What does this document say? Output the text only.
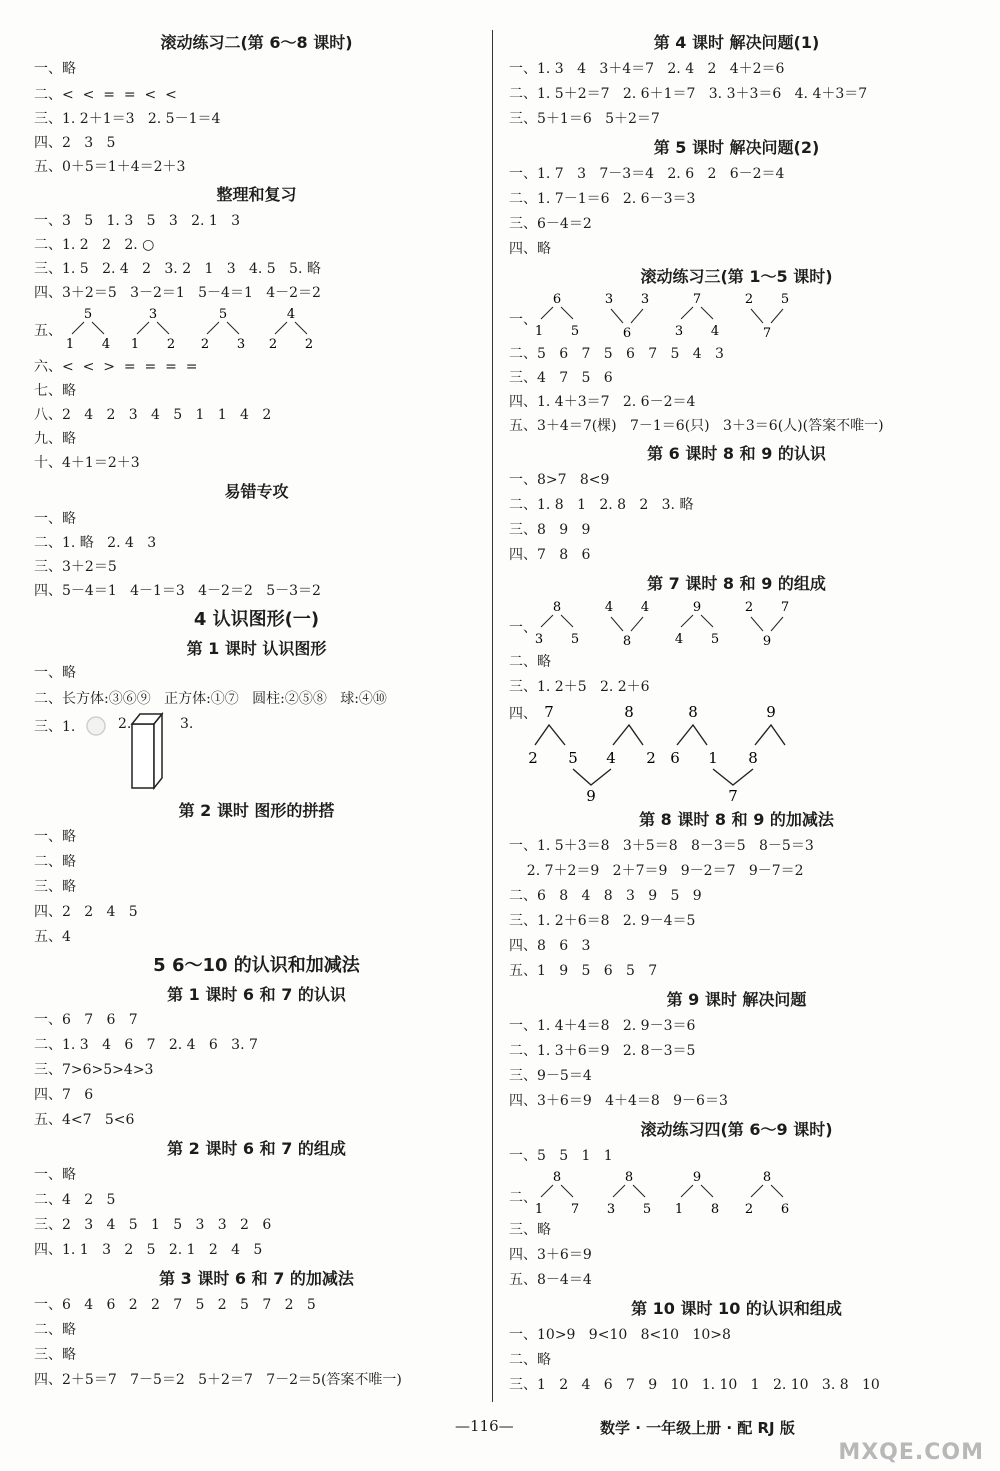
滚动练习二(第 6～8 课时)

一、略

二、<  <  =  =  <  <

三、1. 2＋1＝3   2. 5－1＝4

四、2   3   5

五、0＋5＝1＋4＝2＋3

整理和复习

一、3   5   1. 3   5   3   2. 1   3

二、1. 2   2   2. ○

三、1. 5   2. 4   2   3. 2   1   3   4. 5   5. 略

四、3＋2＝5   3－2＝1   5－4＝1   4－2＝2

五、
5
1 4
3
1 2
5
2 3
4
2 2

六、<  <  >  =  =  =  =

七、略

八、2   4   2   3   4   5   1   1   4   2

九、略

十、4＋1＝2＋3

易错专攻

一、略

二、1. 略   2. 4   3

三、3＋2＝5

四、5－4＝1   4－1＝3   4－2＝2   5－3＝2

4 认识图形(一)

第 1 课时 认识图形

一、略

二、长方体:③⑥⑨   正方体:①⑦   圆柱:②⑤⑧   球:④⑩

三、1.	2.	3.

第 2 课时 图形的拼搭

一、略

二、略

三、略

四、2   2   4   5

五、4

5 6～10 的认识和加减法

第 1 课时 6 和 7 的认识

一、6   7   6   7

二、1. 3   4   6   7   2. 4   6   3. 7

三、7>6>5>4>3

四、7   6

五、4<7   5<6

第 2 课时 6 和 7 的组成

一、略

二、4   2   5

三、2   3   4   5   1   5   3   3   2   6

四、1. 1   3   2   5   2. 1   2   4   5

第 3 课时 6 和 7 的加减法

一、6   4   6   2   2   7   5   2   5   7   2   5

二、略

三、略

四、2＋5＝7   7－5＝2   5＋2＝7   7－2＝5(答案不唯一)

第 4 课时 解决问题(1)

一、1. 3   4   3＋4＝7   2. 4   2   4＋2＝6

二、1. 5＋2＝7   2. 6＋1＝7   3. 3＋3＝6   4. 4＋3＝7

三、5＋1＝6   5＋2＝7

第 5 课时 解决问题(2)

一、1. 7   3   7－3＝4   2. 6   2   6－2＝4

二、1. 7－1＝6   2. 6－3＝3

三、6－4＝2

四、略

滚动练习三(第 1～5 课时)

一、
6
1 5
3 3
6
7
3 4
2 5
7

二、5   6   7   5   6   7   5   4   3

三、4   7   5   6

四、1. 4＋3＝7   2. 6－2＝4

五、3＋4＝7(棵)   7－1＝6(只)   3＋3＝6(人)(答案不唯一)

第 6 课时 8 和 9 的认识

一、8>7   8<9

二、1. 8   1   2. 8   2   3. 略

三、8   9   9

四、7   8   6

第 7 课时 8 和 9 的组成

一、
8
3 5
4 4
8
9
4 5
2 7
9

二、略

三、1. 2＋5   2. 2＋6

四、 7	8	8	9
2 5 4 2 6 1 8
9	7

第 8 课时 8 和 9 的加减法

一、1. 5＋3＝8   3＋5＝8   8－3＝5   8－5＝3

2. 7＋2＝9   2＋7＝9   9－2＝7   9－7＝2

二、6   8   4   8   3   9   5   9

三、1. 2＋6＝8   2. 9－4＝5

四、8   6   3

五、1   9   5   6   5   7

第 9 课时 解决问题

一、1. 4＋4＝8   2. 9－3＝6

二、1. 3＋6＝9   2. 8－3＝5

三、9－5＝4

四、3＋6＝9   4＋4＝8   9－6＝3

滚动练习四(第 6～9 课时)

一、5   5   1   1

二、
8
1 7
8
3 5
9
1 8
8
2 6

三、略

四、3＋6＝9

五、8－4＝4

第 10 课时 10 的认识和组成

一、10>9   9<10   8<10   10>8

二、略

三、1   2   4   6   7   9   10   1. 10   1   2. 10   3. 8   10

—116—	数学 · 一年级上册 · 配 RJ 版
MXQE.COM
